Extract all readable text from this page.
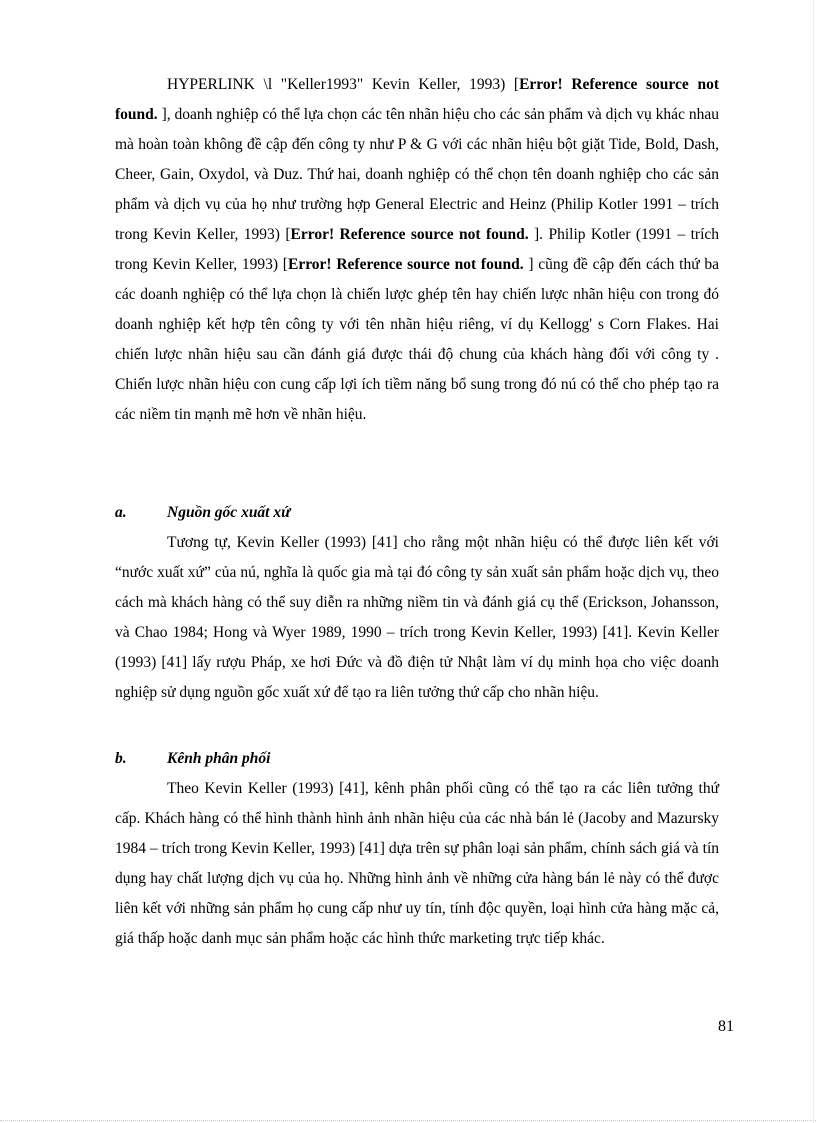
HYPERLINK \l "Keller1993" Kevin Keller, 1993) [Error! Reference source not found. ], doanh nghiệp có thể lựa chọn các tên nhãn hiệu cho các sản phẩm và dịch vụ khác nhau mà hoàn toàn không đề cập đến công ty như P & G với các nhãn hiệu bột giặt Tide, Bold, Dash, Cheer, Gain, Oxydol, và Duz. Thứ hai, doanh nghiệp có thể chọn tên doanh nghiệp cho các sản phẩm và dịch vụ của họ như trường hợp General Electric and Heinz (Philip Kotler 1991 – trích trong Kevin Keller, 1993) [Error! Reference source not found. ]. Philip Kotler (1991 – trích trong Kevin Keller, 1993) [Error! Reference source not found. ] cũng đề cập đến cách thứ ba các doanh nghiệp có thể lựa chọn là chiến lược ghép tên hay chiến lược nhãn hiệu con trong đó doanh nghiệp kết hợp tên công ty với tên nhãn hiệu riêng, ví dụ Kellogg' s Corn Flakes. Hai chiến lược nhãn hiệu sau cần đánh giá được thái độ chung của khách hàng đối với công ty . Chiến lược nhãn hiệu con cung cấp lợi ích tiềm năng bổ sung trong đó nú có thể cho phép tạo ra các niềm tin mạnh mẽ hơn về nhãn hiệu.

a.	Nguồn gốc xuất xứ

Tương tự, Kevin Keller (1993) [41] cho rằng một nhãn hiệu có thể được liên kết với “nước xuất xứ” của nú, nghĩa là quốc gia mà tại đó công ty sản xuất sản phẩm hoặc dịch vụ, theo cách mà khách hàng có thể suy diễn ra những niềm tin và đánh giá cụ thể (Erickson, Johansson, và Chao 1984; Hong và Wyer 1989, 1990 – trích trong Kevin Keller, 1993) [41]. Kevin Keller (1993) [41] lấy rượu Pháp, xe hơi Đức và đồ điện tử Nhật làm ví dụ minh họa cho việc doanh nghiệp sử dụng nguồn gốc xuất xứ để tạo ra liên tưởng thứ cấp cho nhãn hiệu.

b.	Kênh phân phối

Theo Kevin Keller (1993) [41], kênh phân phối cũng có thể tạo ra các liên tưởng thứ cấp. Khách hàng có thể hình thành hình ảnh nhãn hiệu của các nhà bán lẻ (Jacoby and Mazursky 1984 – trích trong Kevin Keller, 1993) [41] dựa trên sự phân loại sản phẩm, chính sách giá và tín dụng hay chất lượng dịch vụ của họ. Những hình ảnh về những cửa hàng bán lẻ này có thể được liên kết với những sản phẩm họ cung cấp như uy tín, tính độc quyền, loại hình cửa hàng mặc cả, giá thấp hoặc danh mục sản phẩm hoặc các hình thức marketing trực tiếp khác.

81
